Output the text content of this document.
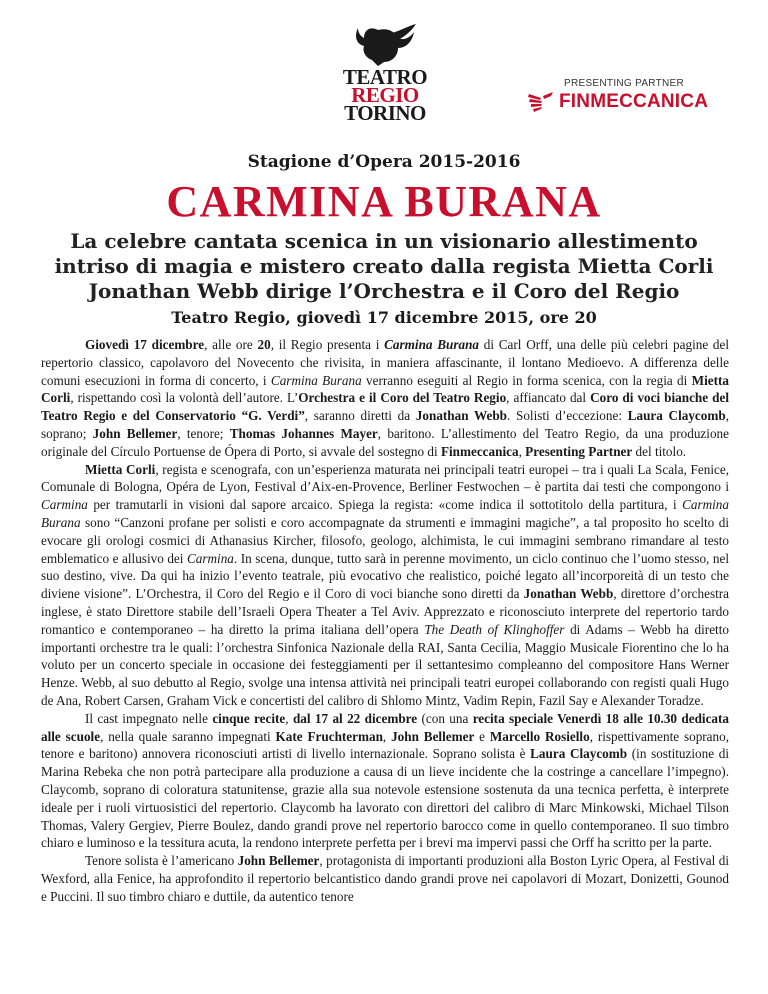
TEATRO
REGIO
TORINO
PRESENTING PARTNER
FINMECCANICA
Stagione d’Opera 2015-2016
CARMINA BURANA
La celebre cantata scenica in un visionario allestimento
intriso di magia e mistero creato dalla regista Mietta Corli
Jonathan Webb dirige l’Orchestra e il Coro del Regio
Teatro Regio, giovedì 17 dicembre 2015, ore 20

Giovedì 17 dicembre, alle ore 20, il Regio presenta i Carmina Burana di Carl Orff, una delle più celebri pagine del repertorio classico, capolavoro del Novecento che rivisita, in maniera affascinante, il lontano Medioevo. A differenza delle comuni esecuzioni in forma di concerto, i Carmina Burana verranno eseguiti al Regio in forma scenica, con la regia di Mietta Corli, rispettando così la volontà dell’autore. L’Orchestra e il Coro del Teatro Regio, affiancato dal Coro di voci bianche del Teatro Regio e del Conservatorio “G. Verdi”, saranno diretti da Jonathan Webb. Solisti d’eccezione: Laura Claycomb, soprano; John Bellemer, tenore; Thomas Johannes Mayer, baritono. L’allestimento del Teatro Regio, da una produzione originale del Círculo Portuense de Ópera di Porto, si avvale del sostegno di Finmeccanica, Presenting Partner del titolo.

Mietta Corli, regista e scenografa, con un’esperienza maturata nei principali teatri europei – tra i quali La Scala, Fenice, Comunale di Bologna, Opéra de Lyon, Festival d’Aix-en-Provence, Berliner Festwochen – è partita dai testi che compongono i Carmina per tramutarli in visioni dal sapore arcaico. Spiega la regista: «come indica il sottotitolo della partitura, i Carmina Burana sono “Canzoni profane per solisti e coro accompagnate da strumenti e immagini magiche”, a tal proposito ho scelto di evocare gli orologi cosmici di Athanasius Kircher, filosofo, geologo, alchimista, le cui immagini sembrano rimandare al testo emblematico e allusivo dei Carmina. In scena, dunque, tutto sarà in perenne movimento, un ciclo continuo che l’uomo stesso, nel suo destino, vive. Da qui ha inizio l’evento teatrale, più evocativo che realistico, poiché legato all’incorporeità di un testo che diviene visione”. L’Orchestra, il Coro del Regio e il Coro di voci bianche sono diretti da Jonathan Webb, direttore d’orchestra inglese, è stato Direttore stabile dell’Israeli Opera Theater a Tel Aviv. Apprezzato e riconosciuto interprete del repertorio tardo romantico e contemporaneo – ha diretto la prima italiana dell’opera The Death of Klinghoffer di Adams – Webb ha diretto importanti orchestre tra le quali: l’orchestra Sinfonica Nazionale della RAI, Santa Cecilia, Maggio Musicale Fiorentino che lo ha voluto per un concerto speciale in occasione dei festeggiamenti per il settantesimo compleanno del compositore Hans Werner Henze. Webb, al suo debutto al Regio, svolge una intensa attività nei principali teatri europei collaborando con registi quali Hugo de Ana, Robert Carsen, Graham Vick e concertisti del calibro di Shlomo Mintz, Vadim Repin, Fazil Say e Alexander Toradze.

Il cast impegnato nelle cinque recite, dal 17 al 22 dicembre (con una recita speciale Venerdì 18 alle 10.30 dedicata alle scuole, nella quale saranno impegnati Kate Fruchterman, John Bellemer e Marcello Rosiello, rispettivamente soprano, tenore e baritono) annovera riconosciuti artisti di livello internazionale. Soprano solista è Laura Claycomb (in sostituzione di Marina Rebeka che non potrà partecipare alla produzione a causa di un lieve incidente che la costringe a cancellare l’impegno). Claycomb, soprano di coloratura statunitense, grazie alla sua notevole estensione sostenuta da una tecnica perfetta, è interprete ideale per i ruoli virtuosistici del repertorio. Claycomb ha lavorato con direttori del calibro di Marc Minkowski, Michael Tilson Thomas, Valery Gergiev, Pierre Boulez, dando grandi prove nel repertorio barocco come in quello contemporaneo. Il suo timbro chiaro e luminoso e la tessitura acuta, la rendono interprete perfetta per i brevi ma impervi passi che Orff ha scritto per la parte.

Tenore solista è l’americano John Bellemer, protagonista di importanti produzioni alla Boston Lyric Opera, al Festival di Wexford, alla Fenice, ha approfondito il repertorio belcantistico dando grandi prove nei capolavori di Mozart, Donizetti, Gounod e Puccini. Il suo timbro chiaro e duttile, da autentico tenore
